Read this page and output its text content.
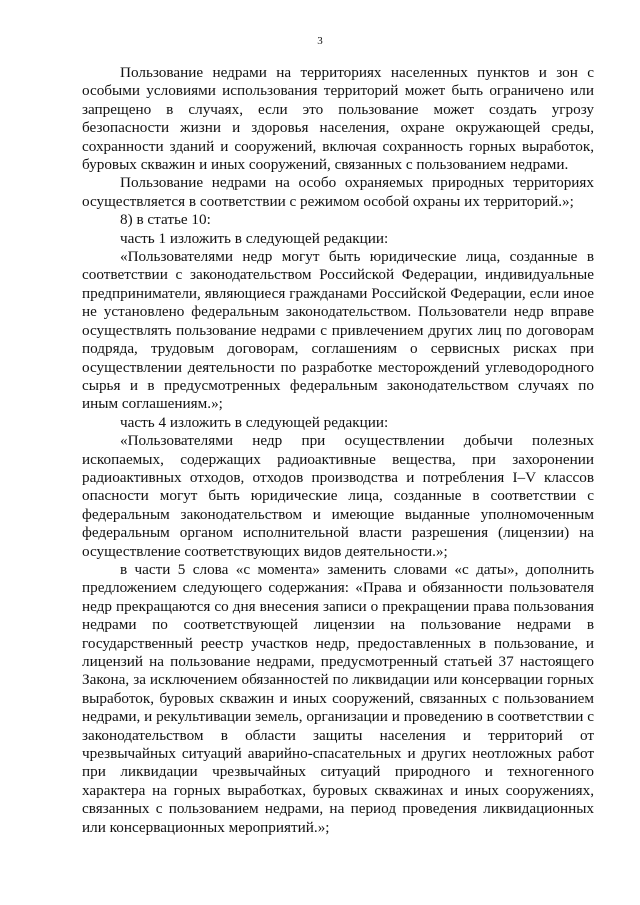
3

Пользование недрами на территориях населенных пунктов и зон с особыми условиями использования территорий может быть ограничено или запрещено в случаях, если это пользование может создать угрозу безопасности жизни и здоровья населения, охране окружающей среды, сохранности зданий и сооружений, включая сохранность горных выработок, буровых скважин и иных сооружений, связанных с пользованием недрами.

Пользование недрами на особо охраняемых природных территориях осуществляется в соответствии с режимом особой охраны их территорий.»;

8) в статье 10:

часть 1 изложить в следующей редакции:

«Пользователями недр могут быть юридические лица, созданные в соответствии с законодательством Российской Федерации, индивидуальные предприниматели, являющиеся гражданами Российской Федерации, если иное не установлено федеральным законодательством. Пользователи недр вправе осуществлять пользование недрами с привлечением других лиц по договорам подряда, трудовым договорам, соглашениям о сервисных рисках при осуществлении деятельности по разработке месторождений углеводородного сырья и в предусмотренных федеральным законодательством случаях по иным соглашениям.»;

часть 4 изложить в следующей редакции:

«Пользователями недр при осуществлении добычи полезных ископаемых, содержащих радиоактивные вещества, при захоронении радиоактивных отходов, отходов производства и потребления I–V классов опасности могут быть юридические лица, созданные в соответствии с федеральным законодательством и имеющие выданные уполномоченным федеральным органом исполнительной власти разрешения (лицензии) на осуществление соответствующих видов деятельности.»;

в части 5 слова «с момента» заменить словами «с даты», дополнить предложением следующего содержания: «Права и обязанности пользователя недр прекращаются со дня внесения записи о прекращении права пользования недрами по соответствующей лицензии на пользование недрами в государственный реестр участков недр, предоставленных в пользование, и лицензий на пользование недрами, предусмотренный статьей 37 настоящего Закона, за исключением обязанностей по ликвидации или консервации горных выработок, буровых скважин и иных сооружений, связанных с пользованием недрами, и рекультивации земель, организации и проведению в соответствии с законодательством в области защиты населения и территорий от чрезвычайных ситуаций аварийно-спасательных и других неотложных работ при ликвидации чрезвычайных ситуаций природного и техногенного характера на горных выработках, буровых скважинах и иных сооружениях, связанных с пользованием недрами, на период проведения ликвидационных или консервационных мероприятий.»;
